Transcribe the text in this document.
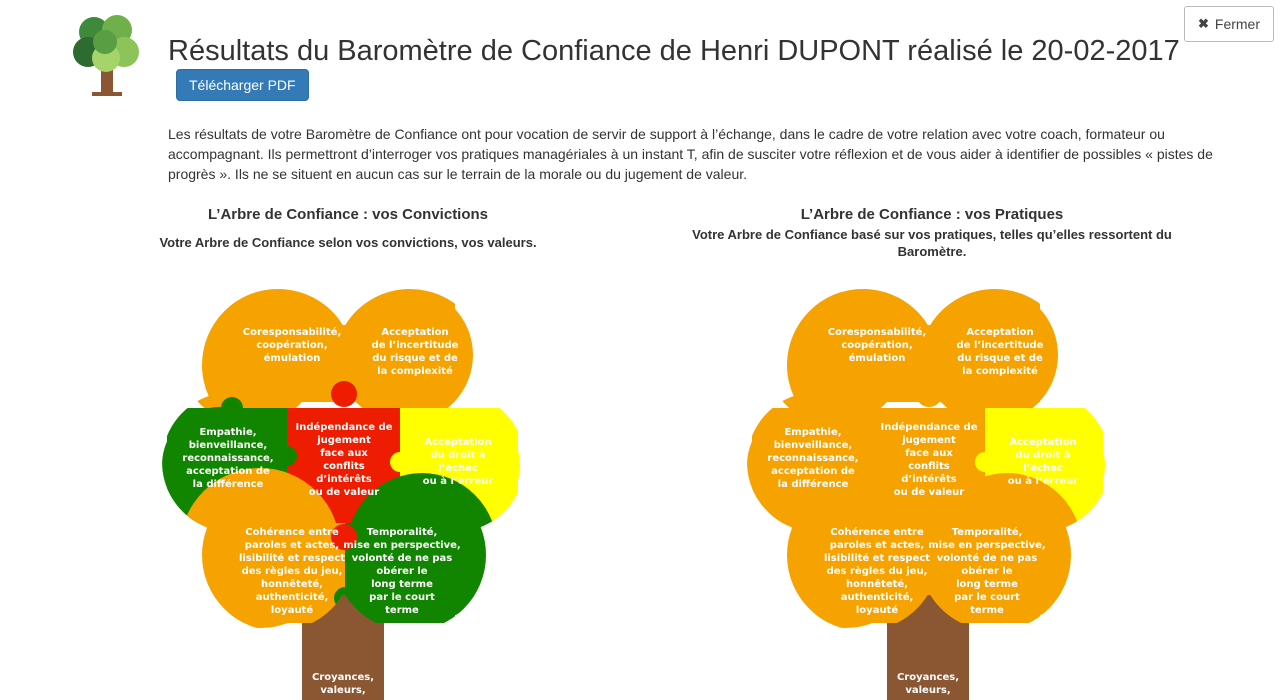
✖ Fermer
Résultats du Baromètre de Confiance de Henri DUPONT réalisé le 20-02-2017Télécharger PDF

Les résultats de votre Baromètre de Confiance ont pour vocation de servir de support à l’échange, dans le cadre de votre relation avec votre coach, formateur ou accompagnant. Ils permettront d’interroger vos pratiques managériales à un instant T, afin de susciter votre réflexion et de vous aider à identifier de possibles « pistes de progrès ». Ils ne se situent en aucun cas sur le terrain de la morale ou du jugement de valeur.

L’Arbre de Confiance : vos Convictions

Votre Arbre de Confiance selon vos convictions, vos valeurs.

L’Arbre de Confiance : vos Pratiques

Votre Arbre de Confiance basé sur vos pratiques, telles qu’elles ressortent du Baromètre.

Coresponsabilité, coopération, émulation
Acceptation de l’incertitude du risque et de la complexité
Empathie, bienveillance, reconnaissance, acceptation de la différence
Indépendance de jugement face aux conflits d’intérêts ou de valeur
Acceptation du droit à l’échec ou à l’erreur
Cohérence entre paroles et actes, lisibilité et respect des règles du jeu, honnêteté, authenticité, loyauté
Temporalité, mise en perspective, volonté de ne pas obérer le long terme par le court terme
Croyances, valeurs,
Coresponsabilité, coopération, émulation
Acceptation de l’incertitude du risque et de la complexité
Empathie, bienveillance, reconnaissance, acceptation de la différence
Indépendance de jugement face aux conflits d’intérêts ou de valeur
Acceptation du droit à l’échec ou à l’erreur
Cohérence entre paroles et actes, lisibilité et respect des règles du jeu, honnêteté, authenticité, loyauté
Temporalité, mise en perspective, volonté de ne pas obérer le long terme par le court terme
Croyances, valeurs,
